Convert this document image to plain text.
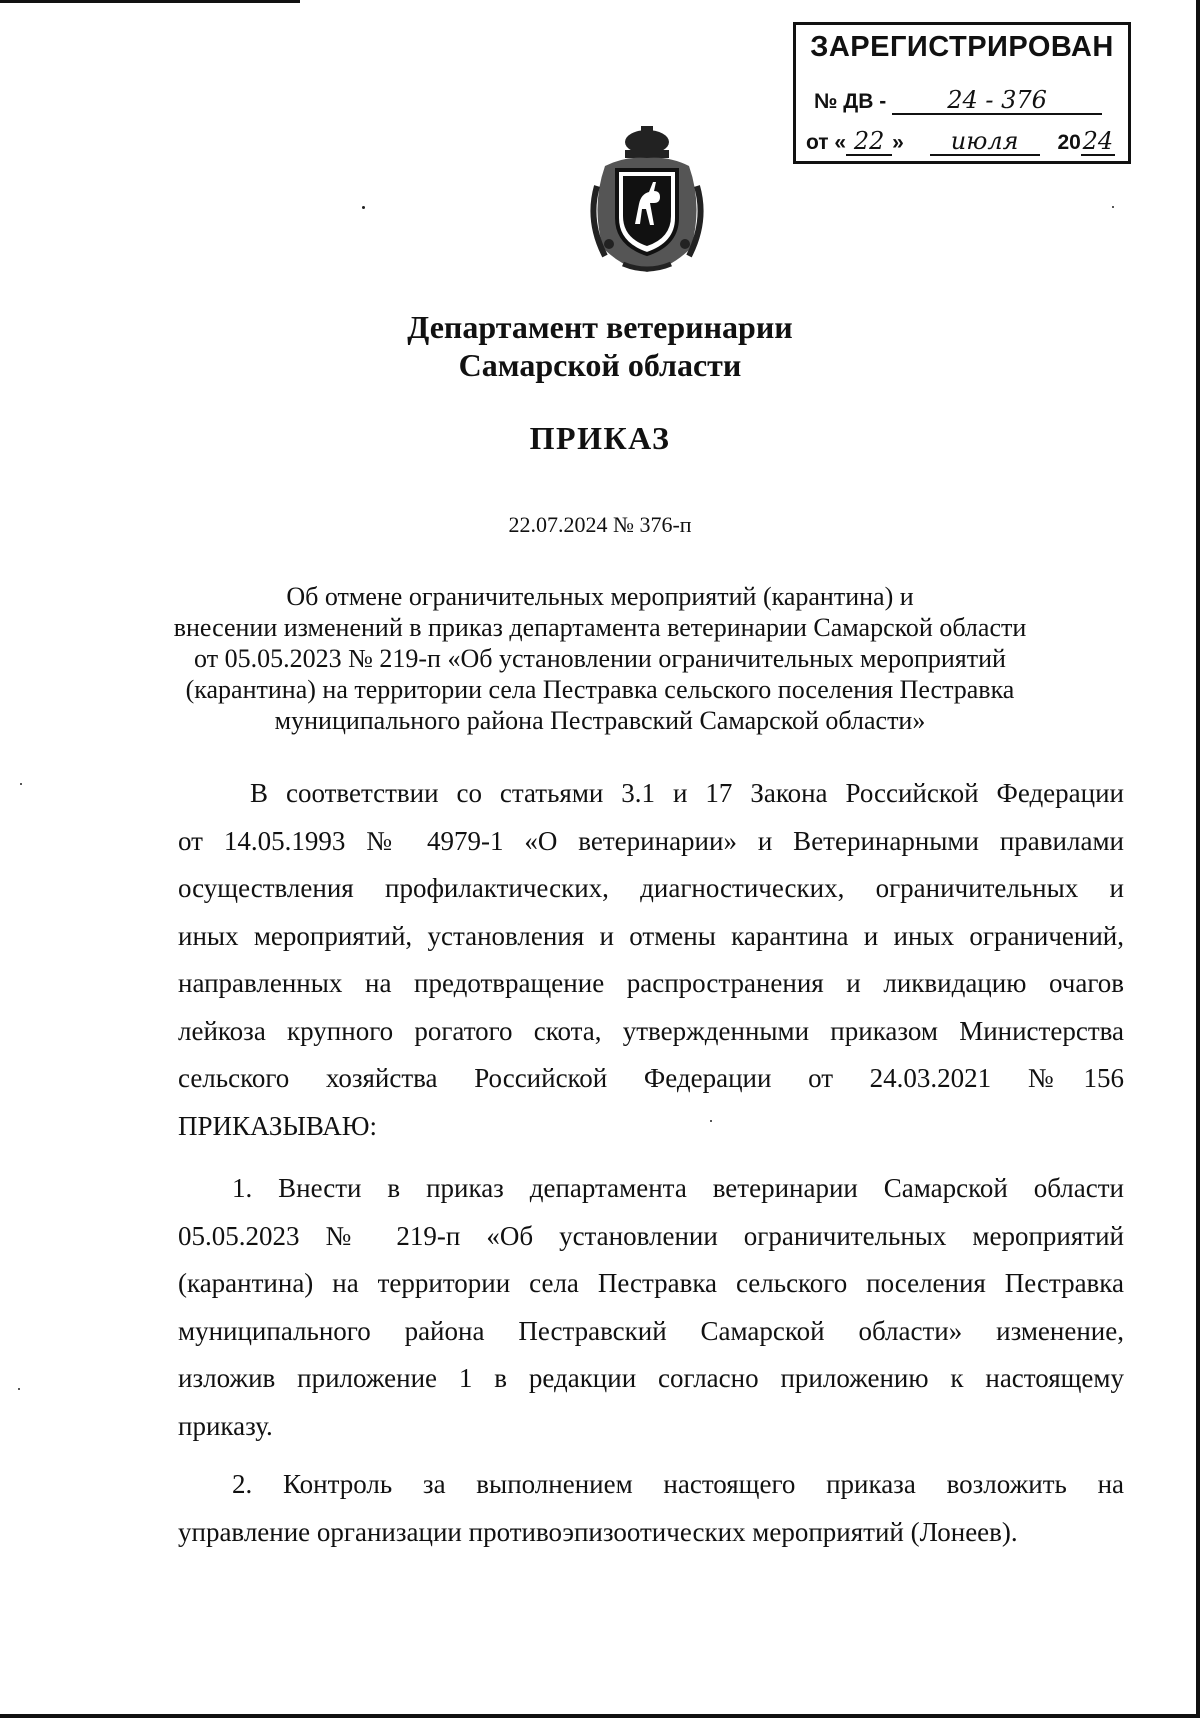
ЗАРЕГИСТРИРОВАН
№ ДВ -	24 - 376
от « 22 » июля 2024
Департамент ветеринарии
Самарской области
ПРИКАЗ
22.07.2024 № 376-п
Об отмене ограничительных мероприятий (карантина) и
внесении изменений в приказ департамента ветеринарии Самарской области
от 05.05.2023 № 219-п «Об установлении ограничительных мероприятий
(карантина) на территории села Пестравка сельского поселения Пестравка
муниципального района Пестравский Самарской области»
В соответствии со статьями 3.1 и 17 Закона Российской Федерации
от 14.05.1993 № 4979-1 «О ветеринарии» и Ветеринарными правилами
осуществления профилактических, диагностических, ограничительных и
иных мероприятий, установления и отмены карантина и иных ограничений,
направленных на предотвращение распространения и ликвидацию очагов
лейкоза крупного рогатого скота, утвержденными приказом Министерства
сельского хозяйства Российской Федерации от 24.03.2021 №156
ПРИКАЗЫВАЮ:
1. Внести в приказ департамента ветеринарии Самарской области
05.05.2023 № 219-п «Об установлении ограничительных мероприятий
(карантина) на территории села Пестравка сельского поселения Пестравка
муниципального района Пестравский Самарской области» изменение,
изложив приложение 1 в редакции согласно приложению к настоящему
приказу.
2. Контроль за выполнением настоящего приказа возложить на
управление организации противоэпизоотических мероприятий (Лонеев).
